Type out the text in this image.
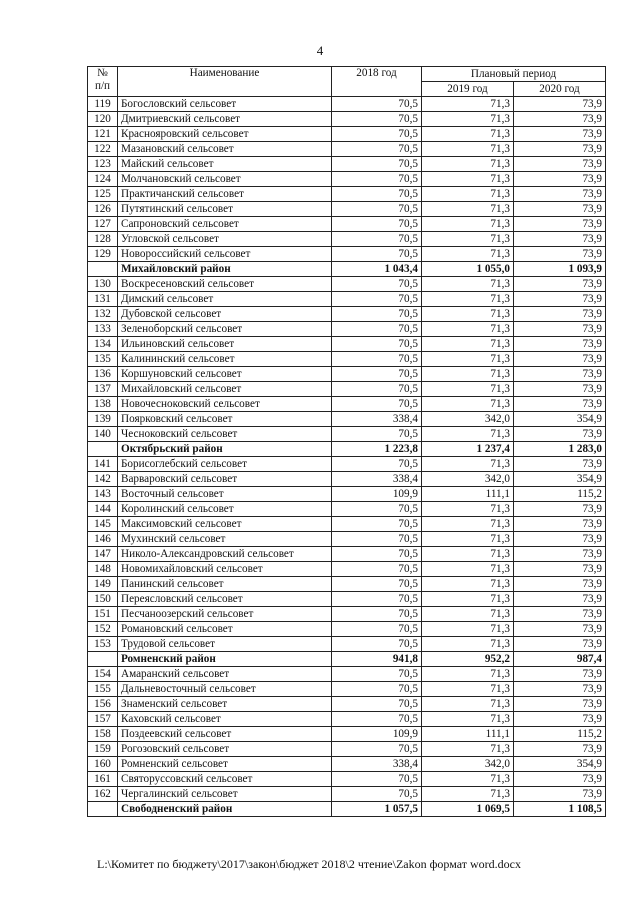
4
№
п/п	Наименование	2018 год	Плановый период	
			2019 год	2020 год
119	Богословский сельсовет	70,5	71,3	73,9
120	Дмитриевский сельсовет	70,5	71,3	73,9
121	Краснояровский сельсовет	70,5	71,3	73,9
122	Мазановский сельсовет	70,5	71,3	73,9
123	Майский сельсовет	70,5	71,3	73,9
124	Молчановский сельсовет	70,5	71,3	73,9
125	Практичанский сельсовет	70,5	71,3	73,9
126	Путятинский сельсовет	70,5	71,3	73,9
127	Сапроновский сельсовет	70,5	71,3	73,9
128	Угловской сельсовет	70,5	71,3	73,9
129	Новороссийский сельсовет	70,5	71,3	73,9
	Михайловский район	1 043,4	1 055,0	1 093,9
130	Воскресеновский сельсовет	70,5	71,3	73,9
131	Димский сельсовет	70,5	71,3	73,9
132	Дубовской сельсовет	70,5	71,3	73,9
133	Зеленоборский сельсовет	70,5	71,3	73,9
134	Ильиновский сельсовет	70,5	71,3	73,9
135	Калининский сельсовет	70,5	71,3	73,9
136	Коршуновский сельсовет	70,5	71,3	73,9
137	Михайловский сельсовет	70,5	71,3	73,9
138	Новочесноковский сельсовет	70,5	71,3	73,9
139	Поярковский сельсовет	338,4	342,0	354,9
140	Чесноковский сельсовет	70,5	71,3	73,9
	Октябрьский район	1 223,8	1 237,4	1 283,0
141	Борисоглебский сельсовет	70,5	71,3	73,9
142	Варваровский сельсовет	338,4	342,0	354,9
143	Восточный сельсовет	109,9	111,1	115,2
144	Королинский сельсовет	70,5	71,3	73,9
145	Максимовский сельсовет	70,5	71,3	73,9
146	Мухинский сельсовет	70,5	71,3	73,9
147	Николо-Александровский сельсовет	70,5	71,3	73,9
148	Новомихайловский сельсовет	70,5	71,3	73,9
149	Панинский сельсовет	70,5	71,3	73,9
150	Переясловский сельсовет	70,5	71,3	73,9
151	Песчаноозерский сельсовет	70,5	71,3	73,9
152	Романовский сельсовет	70,5	71,3	73,9
153	Трудовой сельсовет	70,5	71,3	73,9
	Ромненский район	941,8	952,2	987,4
154	Амаранский сельсовет	70,5	71,3	73,9
155	Дальневосточный сельсовет	70,5	71,3	73,9
156	Знаменский сельсовет	70,5	71,3	73,9
157	Каховский сельсовет	70,5	71,3	73,9
158	Поздеевский сельсовет	109,9	111,1	115,2
159	Рогозовский сельсовет	70,5	71,3	73,9
160	Ромненский сельсовет	338,4	342,0	354,9
161	Святоруссовский сельсовет	70,5	71,3	73,9
162	Чергалинский сельсовет	70,5	71,3	73,9
	Свободненский район	1 057,5	1 069,5	1 108,5
L:\Комитет по бюджету\2017\закон\бюджет 2018\2 чтение\Zakon формат word.docx
